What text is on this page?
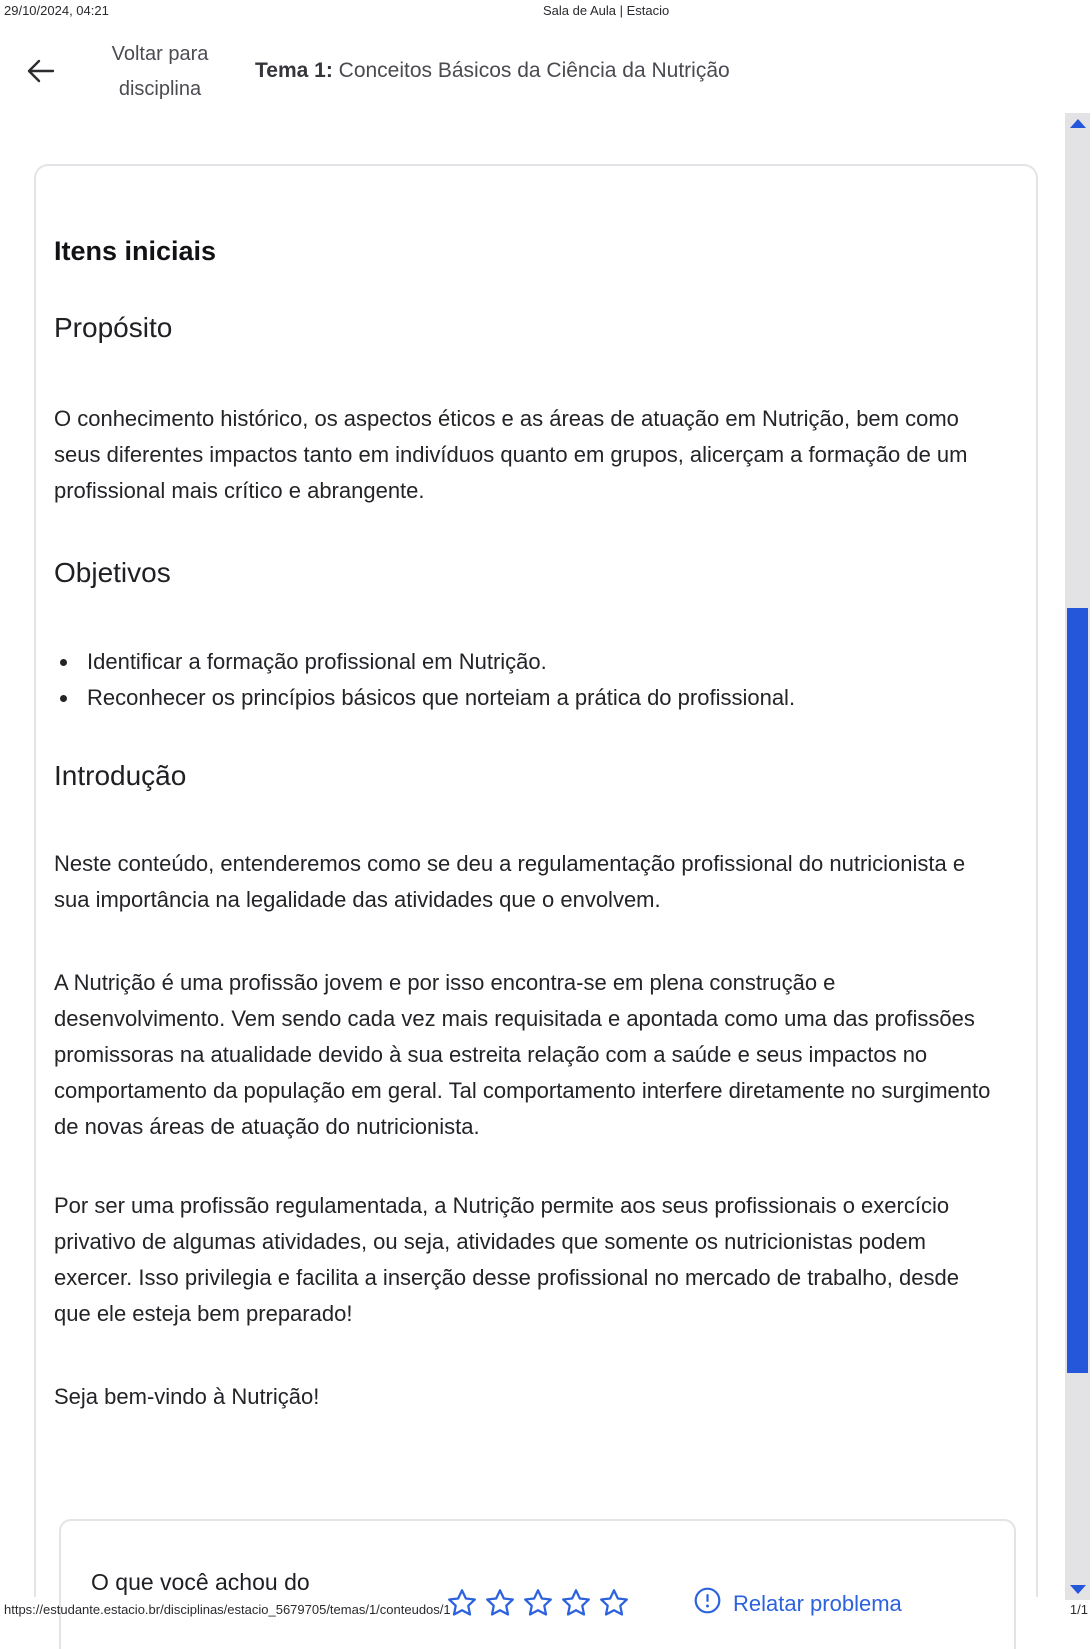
29/10/2024, 04:21	Sala de Aula | Estacio
Voltar para
disciplina
Tema 1: Conceitos Básicos da Ciência da Nutrição
Itens iniciais
Propósito

O conhecimento histórico, os aspectos éticos e as áreas de atuação em Nutrição, bem como seus diferentes impactos tanto em indivíduos quanto em grupos, alicerçam a formação de um profissional mais crítico e abrangente.

Objetivos
Identificar a formação profissional em Nutrição.
Reconhecer os princípios básicos que norteiam a prática do profissional.
Introdução

Neste conteúdo, entenderemos como se deu a regulamentação profissional do nutricionista e sua importância na legalidade das atividades que o envolvem.

A Nutrição é uma profissão jovem e por isso encontra-se em plena construção e desenvolvimento. Vem sendo cada vez mais requisitada e apontada como uma das profissões promissoras na atualidade devido à sua estreita relação com a saúde e seus impactos no comportamento da população em geral. Tal comportamento interfere diretamente no surgimento de novas áreas de atuação do nutricionista.

Por ser uma profissão regulamentada, a Nutrição permite aos seus profissionais o exercício privativo de algumas atividades, ou seja, atividades que somente os nutricionistas podem exercer. Isso privilegia e facilita a inserção desse profissional no mercado de trabalho, desde que ele esteja bem preparado!

Seja bem-vindo à Nutrição!

O que você achou do
Relatar problema
https://estudante.estacio.br/disciplinas/estacio_5679705/temas/1/conteudos/1	1/1
